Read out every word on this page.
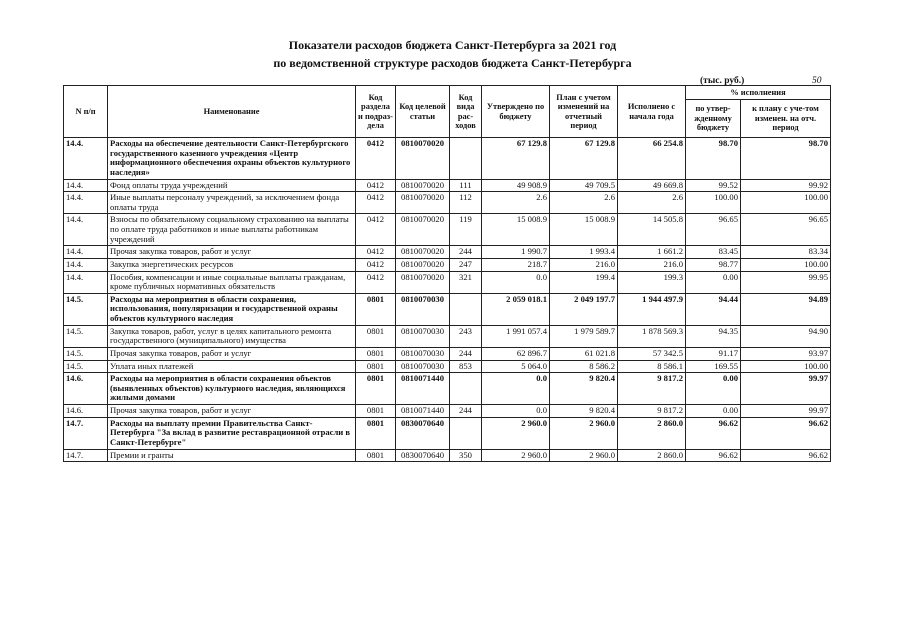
Показатели расходов бюджета Санкт-Петербурга за 2021 год
по ведомственной структуре расходов бюджета Санкт-Петербурга
(тыс. руб.)	50
N п/п	Наименование	Код раздела и подраз-дела	Код целевой статьи	Код вида рас-ходов	Утверждено по бюджету	План с учетом изменений на отчетный период	Исполнено с начала года	% исполнения	
								по утвер-жденному бюджету	к плану с уче-том изменен. на отч. период
14.4.	Расходы на обеспечение деятельности Санкт-Петербургского государственного казенного учреждения «Центр информационного обеспечения охраны объектов культурного наследия»	0412	0810070020		67 129.8	67 129.8	66 254.8	98.70	98.70
14.4.	Фонд оплаты труда учреждений	0412	0810070020	111	49 908.9	49 709.5	49 669.8	99.52	99.92
14.4.	Иные выплаты персоналу учреждений, за исключением фонда оплаты труда	0412	0810070020	112	2.6	2.6	2.6	100.00	100.00
14.4.	Взносы по обязательному социальному страхованию на выплаты по оплате труда работников и иные выплаты работникам учреждений	0412	0810070020	119	15 008.9	15 008.9	14 505.8	96.65	96.65
14.4.	Прочая закупка товаров, работ и услуг	0412	0810070020	244	1 990.7	1 993.4	1 661.2	83.45	83.34
14.4.	Закупка энергетических ресурсов	0412	0810070020	247	218.7	216.0	216.0	98.77	100.00
14.4.	Пособия, компенсации и иные социальные выплаты гражданам, кроме публичных нормативных обязательств	0412	0810070020	321	0.0	199.4	199.3	0.00	99.95
14.5.	Расходы на мероприятия в области сохранения, использования, популяризации и государственной охраны объектов культурного наследия	0801	0810070030		2 059 018.1	2 049 197.7	1 944 497.9	94.44	94.89
14.5.	Закупка товаров, работ, услуг в целях капитального ремонта государственного (муниципального) имущества	0801	0810070030	243	1 991 057.4	1 979 589.7	1 878 569.3	94.35	94.90
14.5.	Прочая закупка товаров, работ и услуг	0801	0810070030	244	62 896.7	61 021.8	57 342.5	91.17	93.97
14.5.	Уплата иных платежей	0801	0810070030	853	5 064.0	8 586.2	8 586.1	169.55	100.00
14.6.	Расходы на мероприятия в области сохранения объектов (выявленных объектов) культурного наследия, являющихся жилыми домами	0801	0810071440		0.0	9 820.4	9 817.2	0.00	99.97
14.6.	Прочая закупка товаров, работ и услуг	0801	0810071440	244	0.0	9 820.4	9 817.2	0.00	99.97
14.7.	Расходы на выплату премии Правительства Санкт-Петербурга "За вклад в развитие реставрационной отрасли в Санкт-Петербурге"	0801	0830070640		2 960.0	2 960.0	2 860.0	96.62	96.62
14.7.	Премии и гранты	0801	0830070640	350	2 960.0	2 960.0	2 860.0	96.62	96.62
